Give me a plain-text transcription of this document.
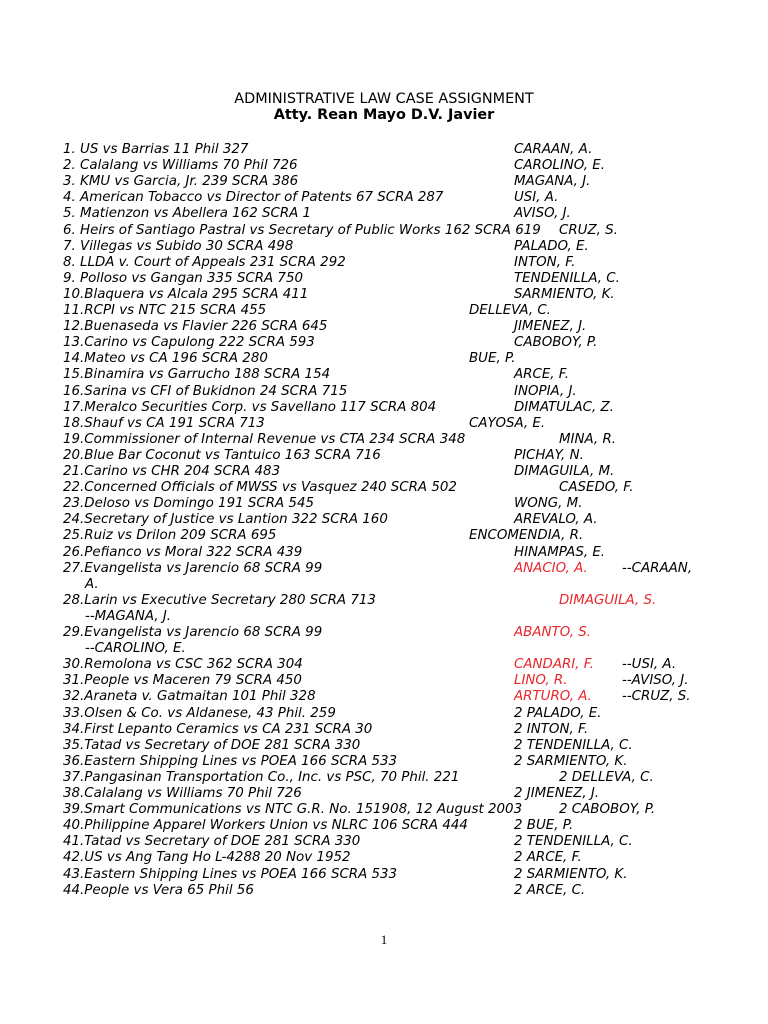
ADMINISTRATIVE LAW CASE ASSIGNMENT
Atty. Rean Mayo D.V. Javier
1. US vs Barrias 11 Phil 327	CARAAN, A.
2. Calalang vs Williams 70 Phil 726	CAROLINO, E.
3. KMU vs Garcia, Jr. 239 SCRA 386	MAGANA, J.
4. American Tobacco vs Director of Patents 67 SCRA 287	USI, A.
5. Matienzon vs Abellera 162 SCRA 1	AVISO, J.
6. Heirs of Santiago Pastral vs Secretary of Public Works 162 SCRA 619 CRUZ, S.
7. Villegas vs Subido 30 SCRA 498	PALADO, E.
8. LLDA v. Court of Appeals 231 SCRA 292	INTON, F.
9. Polloso vs Gangan 335 SCRA 750	TENDENILLA, C.
10.Blaquera vs Alcala 295 SCRA 411	SARMIENTO, K.
11.RCPI vs NTC 215 SCRA 455	DELLEVA, C.
12.Buenaseda vs Flavier 226 SCRA 645	JIMENEZ, J.
13.Carino vs Capulong 222 SCRA 593	CABOBOY, P.
14.Mateo vs CA 196 SCRA 280	BUE, P.
15.Binamira vs Garrucho 188 SCRA 154	ARCE, F.
16.Sarina vs CFI of Bukidnon 24 SCRA 715	INOPIA, J.
17.Meralco Securities Corp. vs Savellano 117 SCRA 804	DIMATULAC, Z.
18.Shauf vs CA 191 SCRA 713	CAYOSA, E.
19.Commissioner of Internal Revenue vs CTA 234 SCRA 348	MINA, R.
20.Blue Bar Coconut vs Tantuico 163 SCRA 716	PICHAY, N.
21.Carino vs CHR 204 SCRA 483	DIMAGUILA, M.
22.Concerned Officials of MWSS vs Vasquez 240 SCRA 502	CASEDO, F.
23.Deloso vs Domingo 191 SCRA 545	WONG, M.
24.Secretary of Justice vs Lantion 322 SCRA 160	AREVALO, A.
25.Ruiz vs Drilon 209 SCRA 695	ENCOMENDIA, R.
26.Pefianco vs Moral 322 SCRA 439	HINAMPAS, E.
27.Evangelista vs Jarencio 68 SCRA 99	ANACIO, A.	--CARAAN,
A.
28.Larin vs Executive Secretary 280 SCRA 713	DIMAGUILA, S.
--MAGANA, J.
29.Evangelista vs Jarencio 68 SCRA 99	ABANTO, S.
--CAROLINO, E.
30.Remolona vs CSC 362 SCRA 304	CANDARI, F. --USI, A.
31.People vs Maceren 79 SCRA 450	LINO, R.	--AVISO, J.
32.Araneta v. Gatmaitan 101 Phil 328	ARTURO, A. --CRUZ, S.
33.Olsen & Co. vs Aldanese, 43 Phil. 259	2 PALADO, E.
34.First Lepanto Ceramics vs CA 231 SCRA 30	2 INTON, F.
35.Tatad vs Secretary of DOE 281 SCRA 330	2 TENDENILLA, C.
36.Eastern Shipping Lines vs POEA 166 SCRA 533	2 SARMIENTO, K.
37.Pangasinan Transportation Co., Inc. vs PSC, 70 Phil. 221	2 DELLEVA, C.
38.Calalang vs Williams 70 Phil 726	2 JIMENEZ, J.
39.Smart Communications vs NTC G.R. No. 151908, 12 August 2003	2 CABOBOY, P.
40.Philippine Apparel Workers Union vs NLRC 106 SCRA 444	2 BUE, P.
41.Tatad vs Secretary of DOE 281 SCRA 330	2 TENDENILLA, C.
42.US vs Ang Tang Ho L-4288 20 Nov 1952	2 ARCE, F.
43.Eastern Shipping Lines vs POEA 166 SCRA 533	2 SARMIENTO, K.
44.People vs Vera 65 Phil 56	2 ARCE, C.
1
